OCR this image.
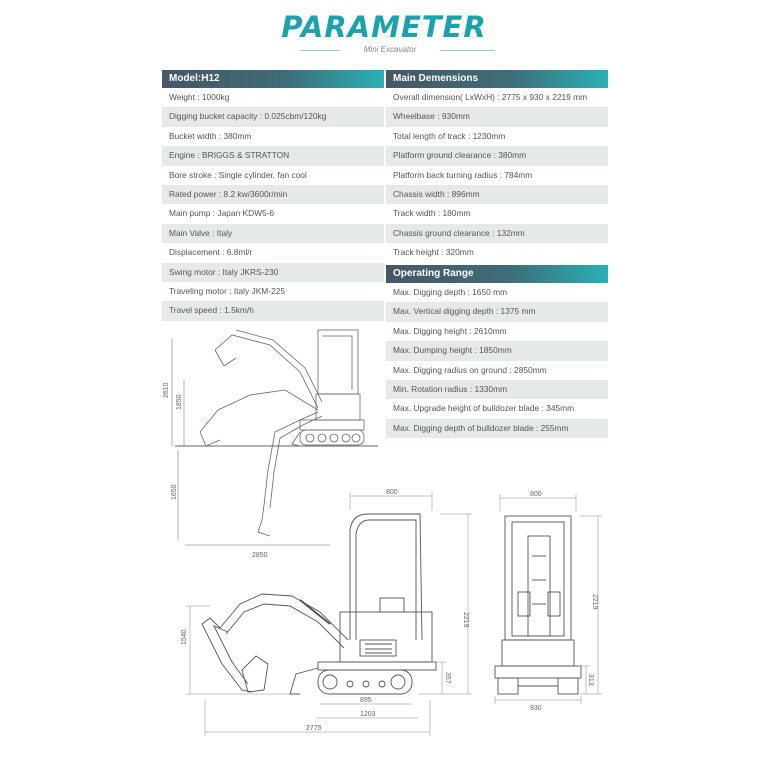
PARAMETER
Mini Excavator
Model:H12
Weight : 1000kg
Digging bucket capacity : 0.025cbm/120kg
Bucket width : 380mm
Engine : BRIGGS & STRATTON
Bore stroke : Single cylinder, fan cool
Rated power : 8.2 kw/3600r/min
Main pump : Japan KDW5-6
Main Valve : Italy
Displacement : 6.8ml/r
Swing motor : Italy JKRS-230
Traveling motor : Italy JKM-225
Travel speed : 1.5km/h
Main Demensions
Overall dimension( LxWxH) : 2775 x 930 x 2219 mm
Wheelbase : 930mm
Total length of track : 1230mm
Platform ground clearance : 380mm
Platform back turning radius : 784mm
Chassis width : 896mm
Track width : 180mm
Chassis ground clearance : 132mm
Track height : 320mm
Operating Range
Max. Digging depth : 1650 mm
Max. Vertical digging depth : 1375 mm
Max. Digging height : 2610mm
Max. Dumping height : 1850mm
Max. Digging radius on ground : 2850mm
Min. Rotation radius : 1330mm
Max. Upgrade height of bulldozer blade : 345mm
Max. Digging depth of bulldozer blade : 255mm
2610
1850
1650
2850
800
2219
1540
357
895
1203
2775
800
2219
313
930
